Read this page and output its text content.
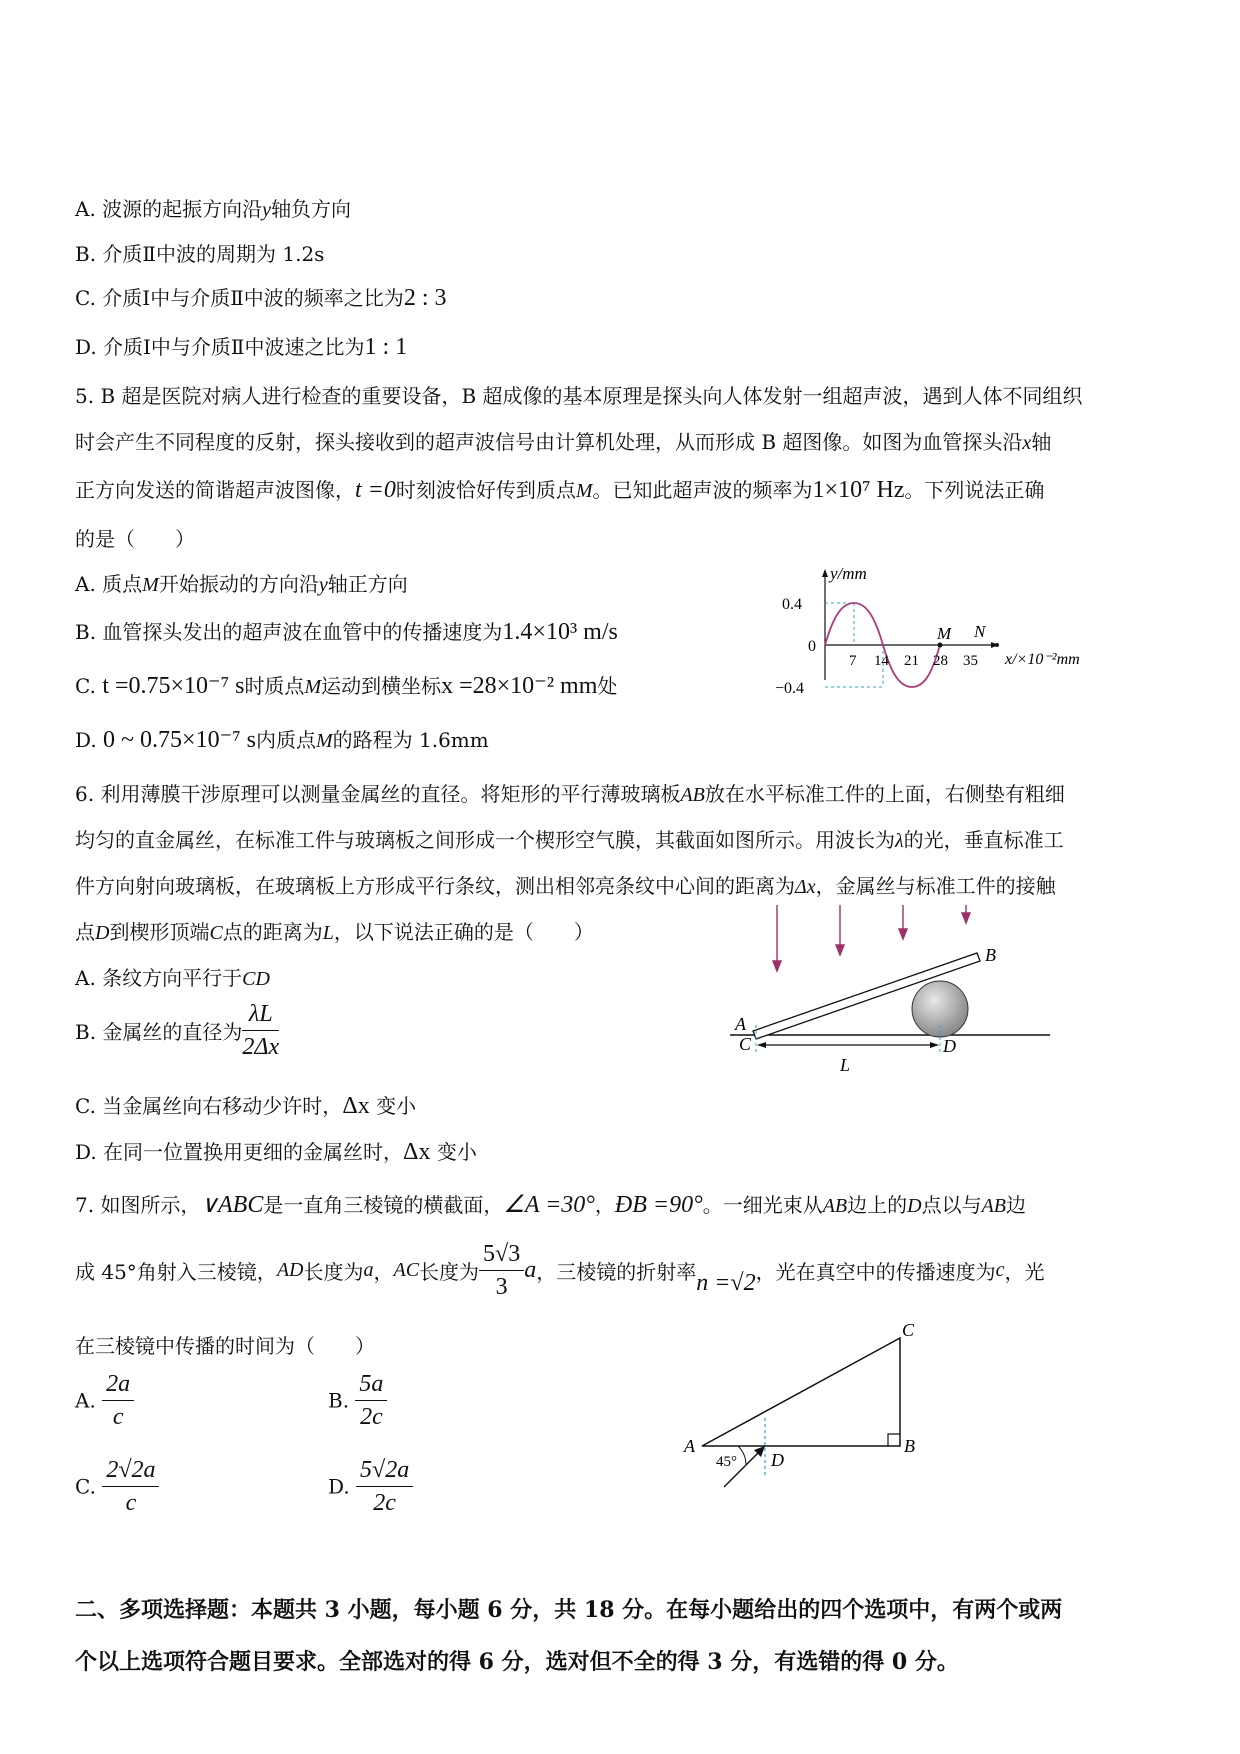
A. 波源的起振方向沿y轴负方向
B. 介质Ⅱ中波的周期为 1.2s
C. 介质Ⅰ中与介质Ⅱ中波的频率之比为2 : 3
D. 介质Ⅰ中与介质Ⅱ中波速之比为1 : 1
5. B 超是医院对病人进行检查的重要设备，B 超成像的基本原理是探头向人体发射一组超声波，遇到人体不同组织
时会产生不同程度的反射，探头接收到的超声波信号由计算机处理，从而形成 B 超图像。如图为血管探头沿x轴
正方向发送的简谐超声波图像，t =0时刻波恰好传到质点M。已知此超声波的频率为1×10⁷ Hz。下列说法正确
的是（　　）
A. 质点M开始振动的方向沿y轴正方向
B. 血管探头发出的超声波在血管中的传播速度为1.4×10³ m/s
C. t =0.75×10⁻⁷ s时质点M运动到横坐标x =28×10⁻² mm处
D. 0 ~ 0.75×10⁻⁷ s内质点M的路程为 1.6mm
y/mm
0.4
0
−0.4
7 14 21 28 35
M N
x/×10⁻²mm
6. 利用薄膜干涉原理可以测量金属丝的直径。将矩形的平行薄玻璃板AB放在水平标准工件的上面，右侧垫有粗细
均匀的直金属丝，在标准工件与玻璃板之间形成一个楔形空气膜，其截面如图所示。用波长为λ的光，垂直标准工
件方向射向玻璃板，在玻璃板上方形成平行条纹，测出相邻亮条纹中心间的距离为Δx，金属丝与标准工件的接触
点D到楔形顶端C点的距离为L，以下说法正确的是（　　）
A. 条纹方向平行于CD
B. 金属丝的直径为 $\frac{\lambda L}{2\Delta x}$
C. 当金属丝向右移动少许时，Δx 变小
D. 在同一位置换用更细的金属丝时，Δx 变小
A
C
B
D
L
7. 如图所示，∨ABC是一直角三棱镜的横截面，∠A =30°，ÐB =90°。一细光束从AB边上的D点以与AB边
成 45°角射入三棱镜，AD长度为a，AC长度为 $\frac{5√3}{3}$ a，三棱镜的折射率n =√2，光在真空中的传播速度为c，光
在三棱镜中传播的时间为（　　）
A. $\frac{2a}{c}$	B. $\frac{5a}{2c}$
C. $\frac{2√2a}{c}$	D. $\frac{5√2a}{2c}$
A	B
C
D
45°
二、多项选择题：本题共 3 小题，每小题 6 分，共 18 分。在每小题给出的四个选项中，有两个或两
个以上选项符合题目要求。全部选对的得 6 分，选对但不全的得 3 分，有选错的得 0 分。
